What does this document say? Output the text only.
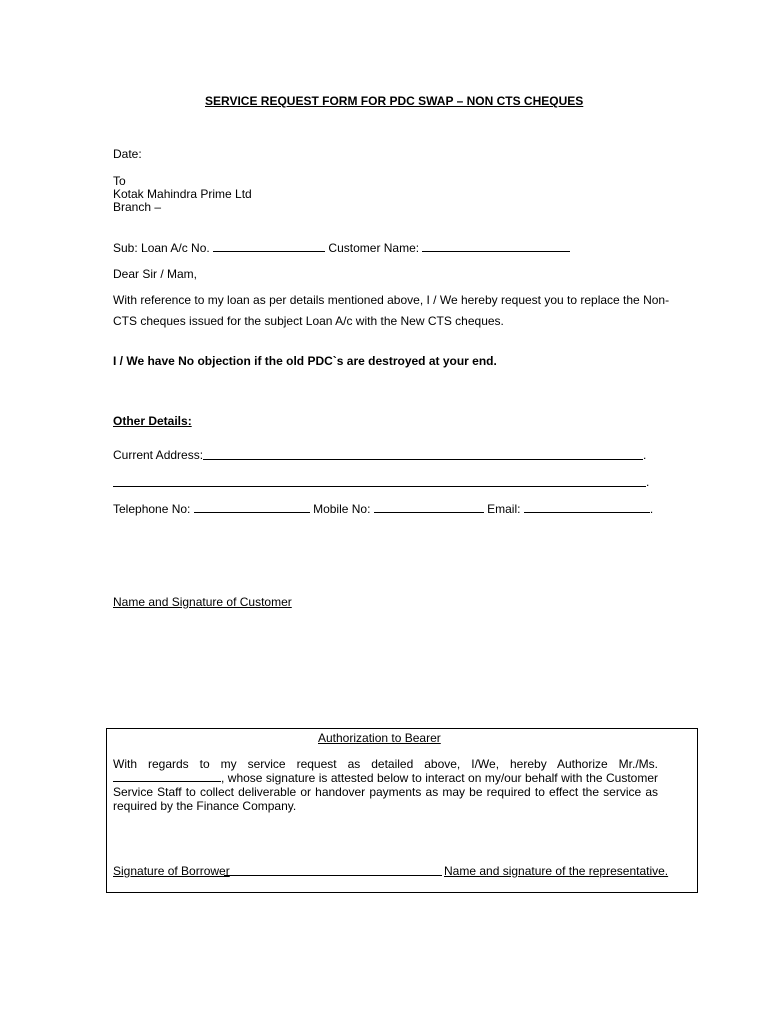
SERVICE REQUEST FORM FOR PDC SWAP – NON CTS CHEQUES
Date:
To
Kotak Mahindra Prime Ltd
Branch –
Sub: Loan A/c No.	Customer Name:
Dear Sir / Mam,
With reference to my loan as per details mentioned above, I / We hereby request you to replace the Non-
CTS cheques issued for the subject Loan A/c with the New CTS cheques.
I / We have No objection if the old PDC`s are destroyed at your end.
Other Details:
Current Address:	.
.
Telephone No:	Mobile No:	Email:	.
Name and Signature of Customer
Authorization to Bearer
With regards to my service request as detailed above, I/We, hereby Authorize Mr./Ms. , whose signature is attested below to interact on my/our behalf with the Customer Service Staff to collect deliverable or handover payments as may be required to effect the service as required by the Finance Company.
Signature of Borrower	Name and signature of the representative.
